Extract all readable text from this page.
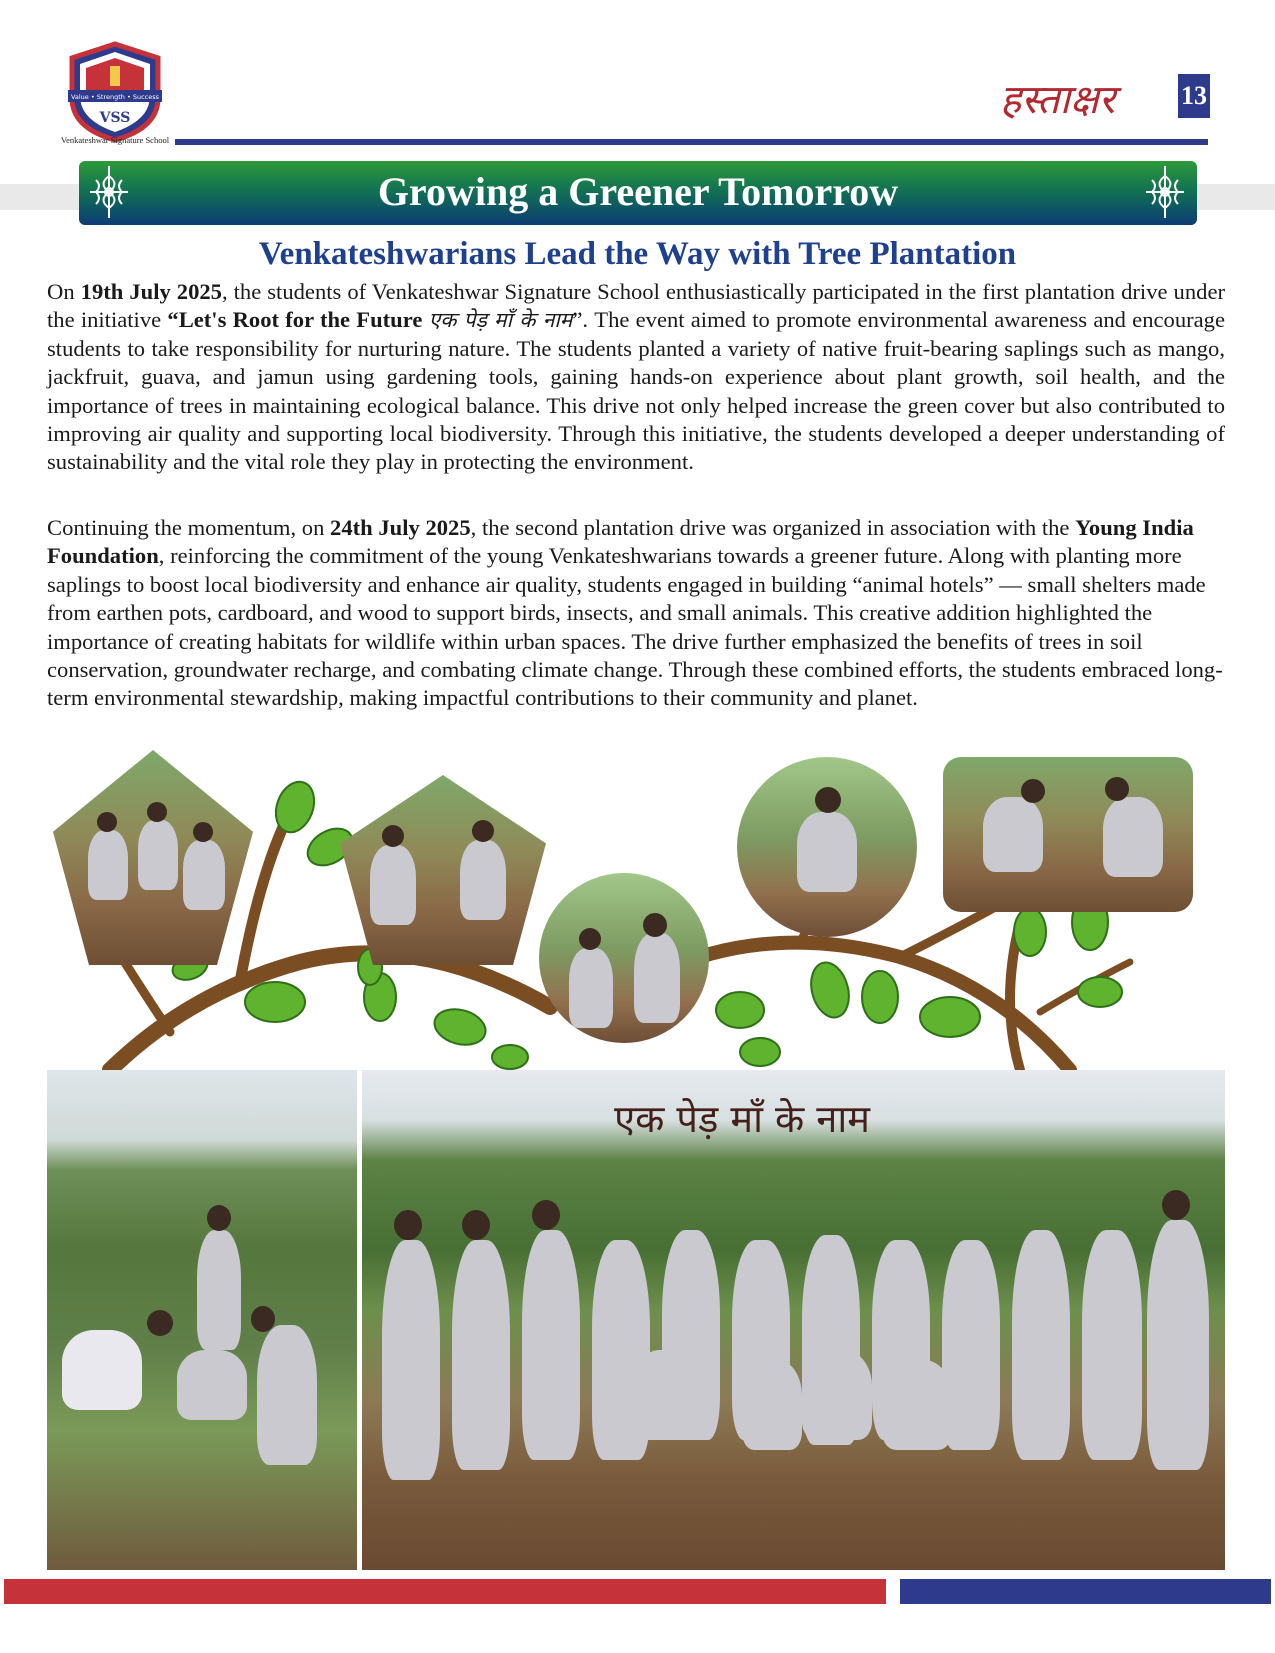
Value • Strength • Success
VSS
Venkateshwar Signature School
हस्ताक्षर	13
Growing a Greener Tomorrow
Venkateshwarians Lead the Way with Tree Plantation

On 19th July 2025, the students of Venkateshwar Signature School enthusiastically participated in the first plantation drive under the initiative “Let's Root for the Future एक पेड़ माँ के नाम”. The event aimed to promote environmental awareness and encourage students to take responsibility for nurturing nature. The students planted a variety of native fruit-bearing saplings such as mango, jackfruit, guava, and jamun using gardening tools, gaining hands-on experience about plant growth, soil health, and the importance of trees in maintaining ecological balance. This drive not only helped increase the green cover but also contributed to improving air quality and supporting local biodiversity. Through this initiative, the students developed a deeper understanding of sustainability and the vital role they play in protecting the environment.

Continuing the momentum, on 24th July 2025, the second plantation drive was organized in association with the Young India Foundation, reinforcing the commitment of the young Venkateshwarians towards a greener future. Along with planting more saplings to boost local biodiversity and enhance air quality, students engaged in building “animal hotels” — small shelters made from earthen pots, cardboard, and wood to support birds, insects, and small animals. This creative addition highlighted the importance of creating habitats for wildlife within urban spaces. The drive further emphasized the benefits of trees in soil conservation, groundwater recharge, and combating climate change. Through these combined efforts, the students embraced long-term environmental stewardship, making impactful contributions to their community and planet.

एक पेड़ माँ के नाम
